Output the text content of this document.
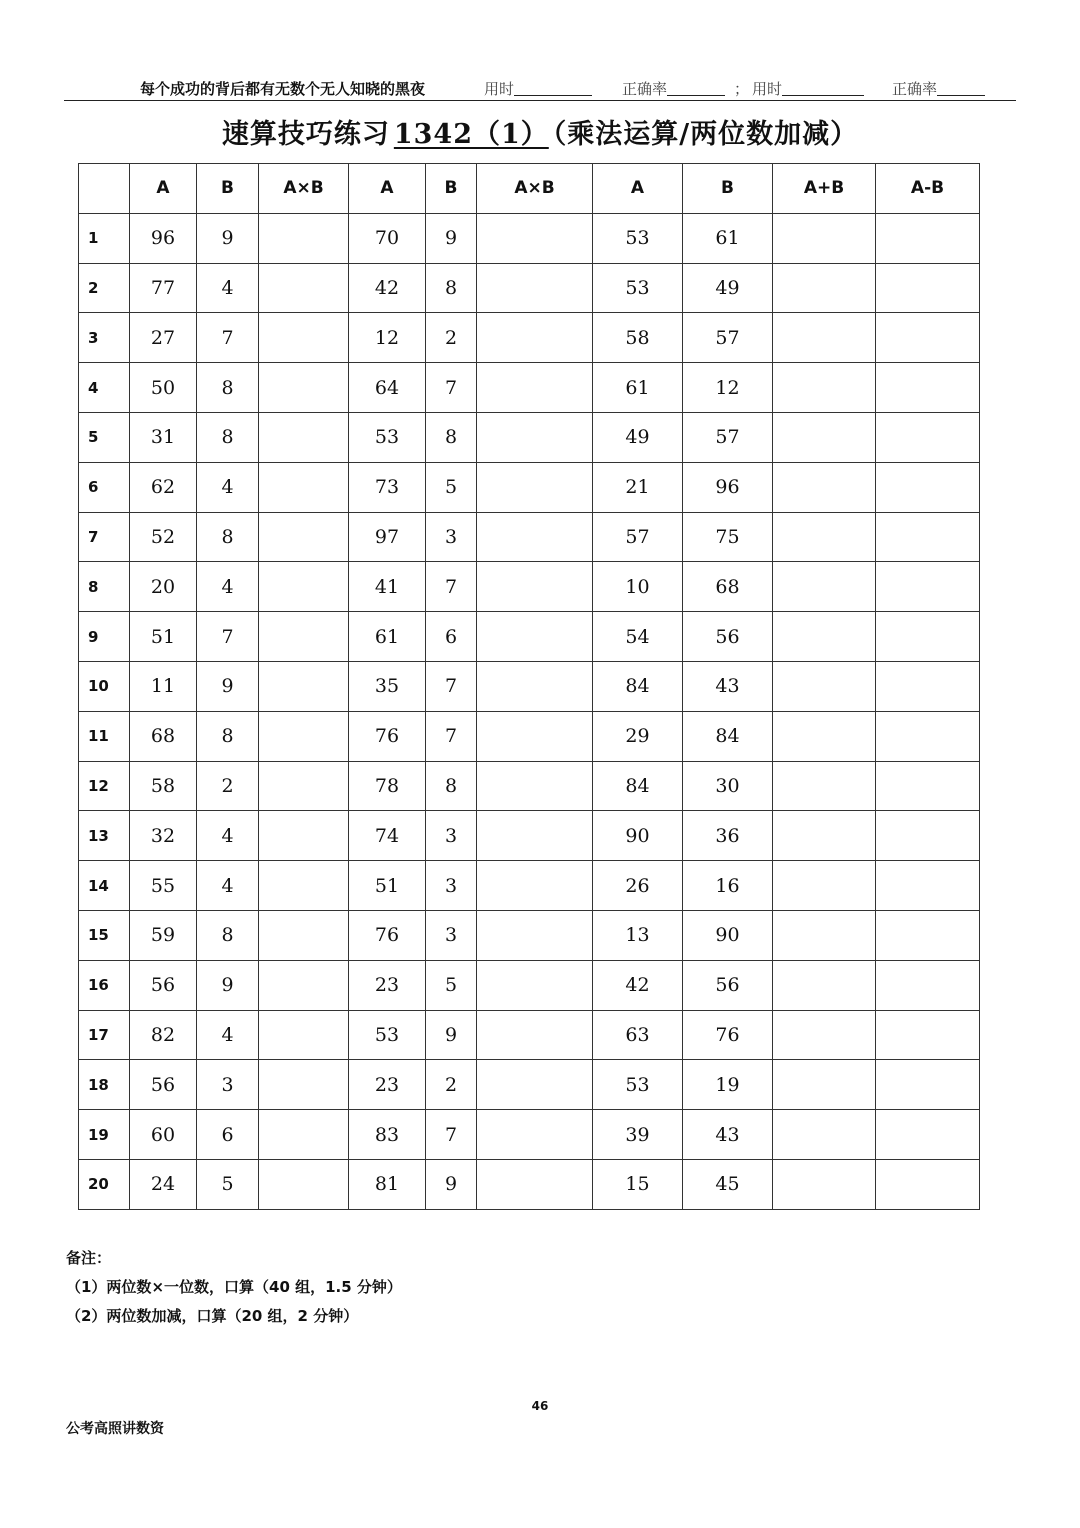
每个成功的背后都有无数个无人知晓的黑夜	用时	正确率	； 用时	正确率
速算技巧练习 1342（1） （乘法运算/两位数加减）
	A	B	A×B	A	B	A×B	A	B	A+B	A-B
1	96	9		70	9		53	61		
2	77	4		42	8		53	49		
3	27	7		12	2		58	57		
4	50	8		64	7		61	12		
5	31	8		53	8		49	57		
6	62	4		73	5		21	96		
7	52	8		97	3		57	75		
8	20	4		41	7		10	68		
9	51	7		61	6		54	56		
10	11	9		35	7		84	43		
11	68	8		76	7		29	84		
12	58	2		78	8		84	30		
13	32	4		74	3		90	36		
14	55	4		51	3		26	16		
15	59	8		76	3		13	90		
16	56	9		23	5		42	56		
17	82	4		53	9		63	76		
18	56	3		23	2		53	19		
19	60	6		83	7		39	43		
20	24	5		81	9		15	45		
备注：
（1）两位数×一位数，口算（40 组，1.5 分钟）
（2）两位数加减，口算（20 组，2 分钟）
46
公考高照讲数资
